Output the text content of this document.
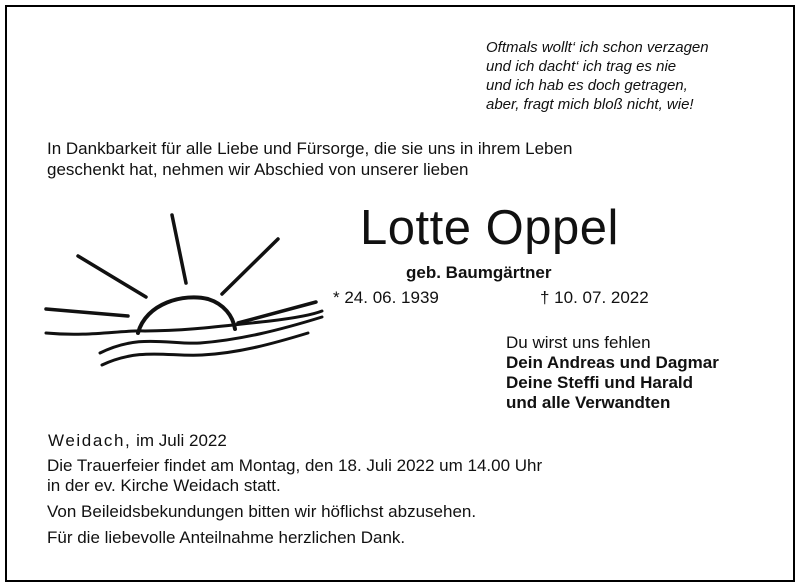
Oftmals wollt‘ ich schon verzagen
und ich dacht‘ ich trag es nie
und ich hab es doch getragen,
aber, fragt mich bloß nicht, wie!
In Dankbarkeit für alle Liebe und Fürsorge, die sie uns in ihrem Leben
geschenkt hat, nehmen wir Abschied von unserer lieben
Lotte Oppel
geb. Baumgärtner
* 24. 06. 1939	† 10. 07. 2022
Du wirst uns fehlen
Dein Andreas und Dagmar
Deine Steffi und Harald
und alle Verwandten
Weidach, im Juli 2022
Die Trauerfeier findet am Montag, den 18. Juli 2022 um 14.00 Uhr
in der ev. Kirche Weidach statt.
Von Beileidsbekundungen bitten wir höflichst abzusehen.
Für die liebevolle Anteilnahme herzlichen Dank.
